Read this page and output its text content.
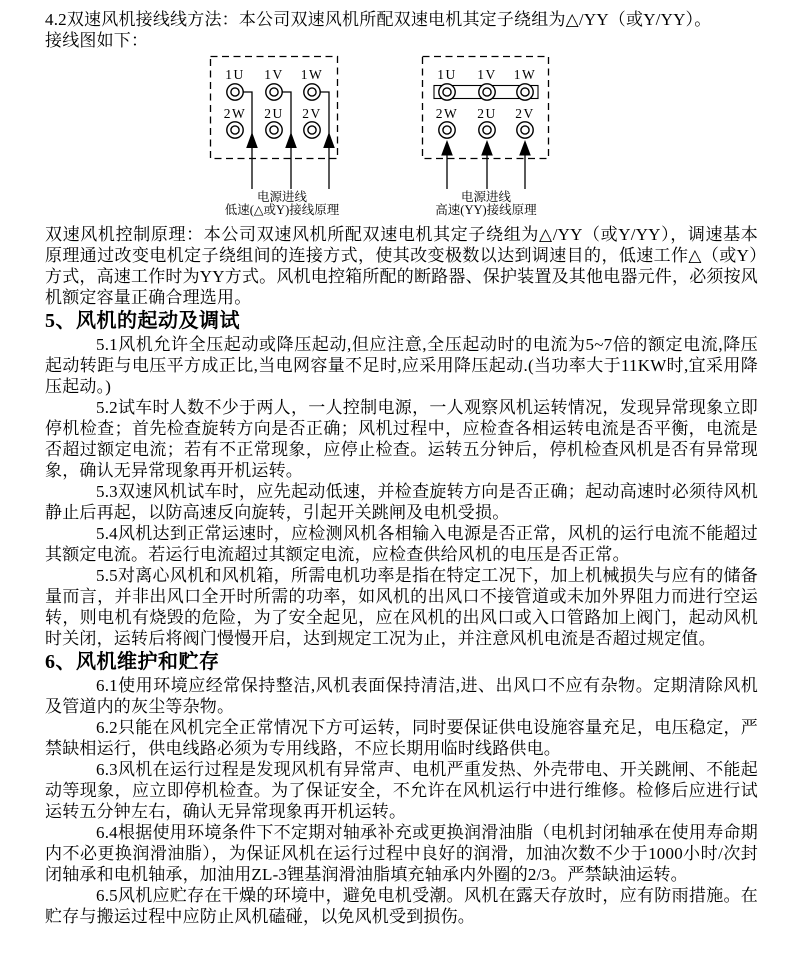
4.2双速风机接线线方法：本公司双速风机所配双速电机其定子绕组为△/YY（或Y/YY）。

接线图如下：

1U 1V 1W
2W 2U 2V
电源进线
低速(△或Y)接线原理
1U 1V 1W
2W 2U 2V
电源进线
高速(YY)接线原理

双速风机控制原理：本公司双速风机所配双速电机其定子绕组为△/YY（或Y/YY），调速基本原理通过改变电机定子绕组间的连接方式，使其改变极数以达到调速目的，低速工作△（或Y）方式，高速工作时为YY方式。风机电控箱所配的断路器、保护装置及其他电器元件，必须按风机额定容量正确合理选用。

5、风机的起动及调试

5.1风机允许全压起动或降压起动,但应注意,全压起动时的电流为5~7倍的额定电流,降压起动转距与电压平方成正比,当电网容量不足时,应采用降压起动.(当功率大于11KW时,宜采用降压起动。)

5.2试车时人数不少于两人，一人控制电源，一人观察风机运转情况，发现异常现象立即停机检查；首先检查旋转方向是否正确；风机过程中，应检查各相运转电流是否平衡，电流是否超过额定电流；若有不正常现象，应停止检查。运转五分钟后，停机检查风机是否有异常现象，确认无异常现象再开机运转。

5.3双速风机试车时，应先起动低速，并检查旋转方向是否正确；起动高速时必须待风机静止后再起，以防高速反向旋转，引起开关跳闸及电机受损。

5.4风机达到正常运速时，应检测风机各相输入电源是否正常，风机的运行电流不能超过其额定电流。若运行电流超过其额定电流，应检查供给风机的电压是否正常。

5.5对离心风机和风机箱，所需电机功率是指在特定工况下，加上机械损失与应有的储备量而言，并非出风口全开时所需的功率，如风机的出风口不接管道或未加外界阻力而进行空运转，则电机有烧毁的危险，为了安全起见，应在风机的出风口或入口管路加上阀门，起动风机时关闭，运转后将阀门慢慢开启，达到规定工况为止，并注意风机电流是否超过规定值。

6、风机维护和贮存

6.1使用环境应经常保持整洁,风机表面保持清洁,进、出风口不应有杂物。定期清除风机及管道内的灰尘等杂物。

6.2只能在风机完全正常情况下方可运转，同时要保证供电设施容量充足，电压稳定，严禁缺相运行，供电线路必须为专用线路，不应长期用临时线路供电。

6.3风机在运行过程是发现风机有异常声、电机严重发热、外壳带电、开关跳闸、不能起动等现象，应立即停机检查。为了保证安全，不允许在风机运行中进行维修。检修后应进行试运转五分钟左右，确认无异常现象再开机运转。

6.4根据使用环境条件下不定期对轴承补充或更换润滑油脂（电机封闭轴承在使用寿命期内不必更换润滑油脂），为保证风机在运行过程中良好的润滑，加油次数不少于1000小时/次封闭轴承和电机轴承，加油用ZL-3锂基润滑油脂填充轴承内外圈的2/3。严禁缺油运转。

6.5风机应贮存在干燥的环境中，避免电机受潮。风机在露天存放时，应有防雨措施。在贮存与搬运过程中应防止风机磕碰，以免风机受到损伤。
